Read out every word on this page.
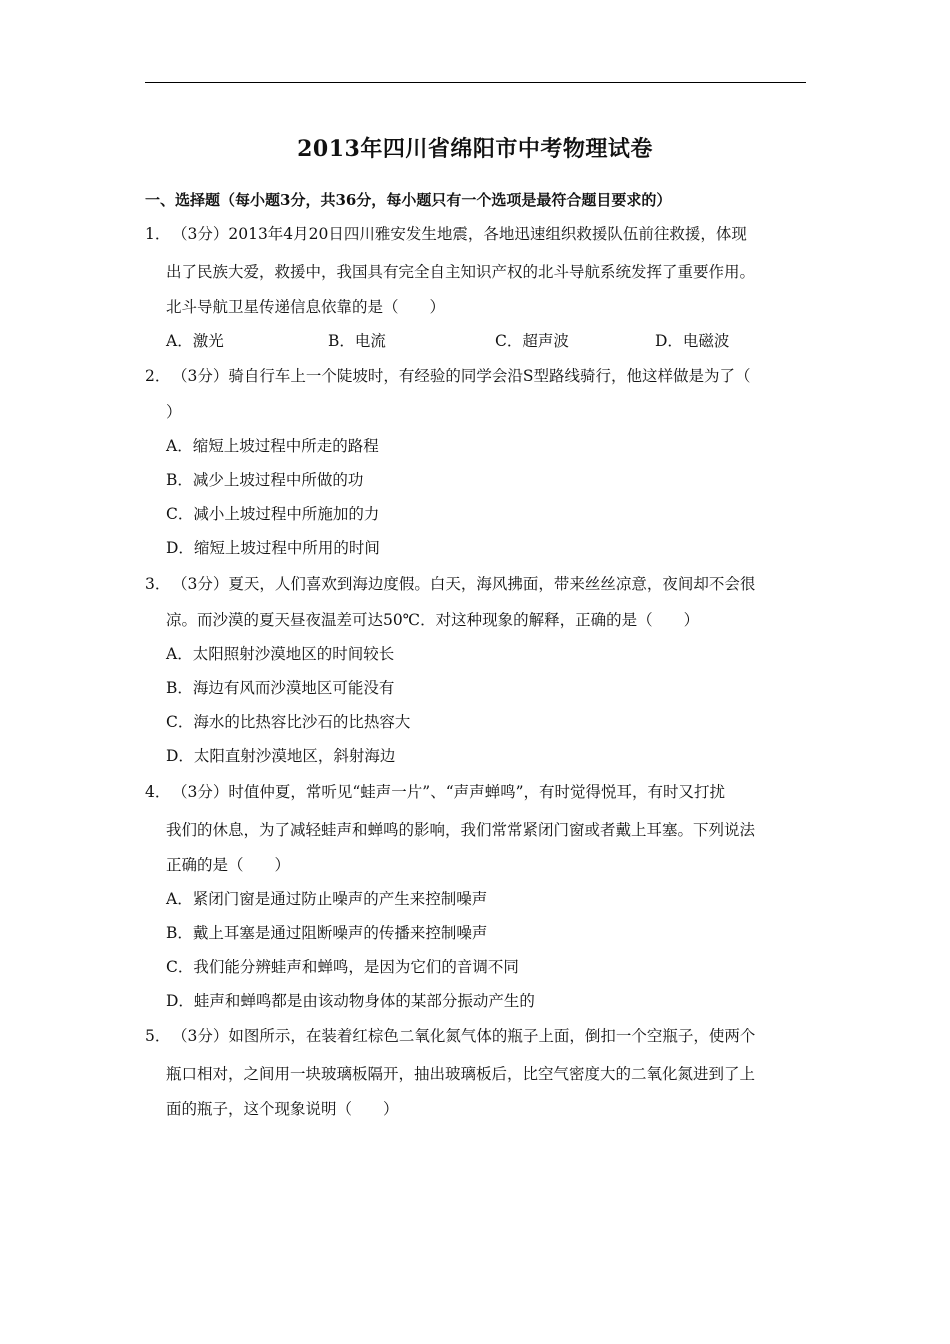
2013年四川省绵阳市中考物理试卷
一、选择题（每小题3分，共36分，每小题只有一个选项是最符合题目要求的）
1． （3分）2013年4月20日四川雅安发生地震，各地迅速组织救援队伍前往救援，体现
出了民族大爱，救援中，我国具有完全自主知识产权的北斗导航系统发挥了重要作用。
北斗导航卫星传递信息依靠的是（　　）
A．激光	B．电流	C．超声波	D．电磁波
2． （3分）骑自行车上一个陡坡时，有经验的同学会沿S型路线骑行，他这样做是为了（
）
A．缩短上坡过程中所走的路程
B．减少上坡过程中所做的功
C．减小上坡过程中所施加的力
D．缩短上坡过程中所用的时间
3． （3分）夏天，人们喜欢到海边度假。白天，海风拂面，带来丝丝凉意，夜间却不会很
凉。而沙漠的夏天昼夜温差可达50℃．对这种现象的解释，正确的是（　　）
A．太阳照射沙漠地区的时间较长
B．海边有风而沙漠地区可能没有
C．海水的比热容比沙石的比热容大
D．太阳直射沙漠地区，斜射海边
4． （3分）时值仲夏，常听见“蛙声一片”、“声声蝉鸣”，有时觉得悦耳，有时又打扰
我们的休息，为了减轻蛙声和蝉鸣的影响，我们常常紧闭门窗或者戴上耳塞。下列说法
正确的是（　　）
A．紧闭门窗是通过防止噪声的产生来控制噪声
B．戴上耳塞是通过阻断噪声的传播来控制噪声
C．我们能分辨蛙声和蝉鸣，是因为它们的音调不同
D．蛙声和蝉鸣都是由该动物身体的某部分振动产生的
5． （3分）如图所示，在装着红棕色二氧化氮气体的瓶子上面，倒扣一个空瓶子，使两个
瓶口相对，之间用一块玻璃板隔开，抽出玻璃板后，比空气密度大的二氧化氮进到了上
面的瓶子，这个现象说明（　　）
